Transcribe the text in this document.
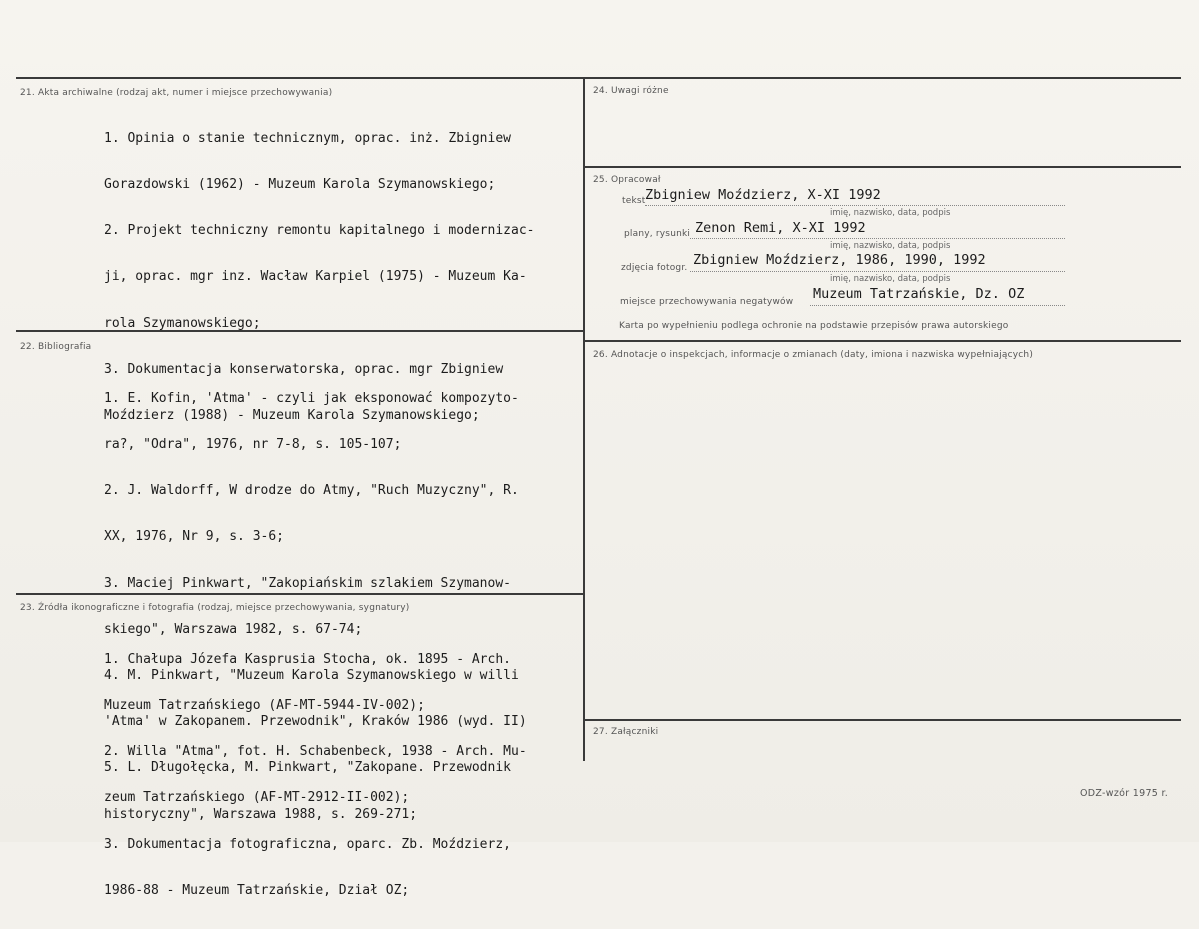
21. Akta archiwalne (rodzaj akt, numer i miejsce przechowywania)

1. Opinia o stanie technicznym, oprac. inż. Zbigniew

Gorazdowski (1962) - Muzeum Karola Szymanowskiego;

2. Projekt techniczny remontu kapitalnego i modernizac-

ji, oprac. mgr inz. Wacław Karpiel (1975) - Muzeum Ka-

rola Szymanowskiego;

3. Dokumentacja konserwatorska, oprac. mgr Zbigniew

Moździerz (1988) - Muzeum Karola Szymanowskiego;

22. Bibliografia

1. E. Kofin, 'Atma' - czyli jak eksponować kompozyto-

ra?, "Odra", 1976, nr 7-8, s. 105-107;

2. J. Waldorff, W drodze do Atmy, "Ruch Muzyczny", R.

XX, 1976, Nr 9, s. 3-6;

3. Maciej Pinkwart, "Zakopiańskim szlakiem Szymanow-

skiego", Warszawa 1982, s. 67-74;

4. M. Pinkwart, "Muzeum Karola Szymanowskiego w willi

'Atma' w Zakopanem. Przewodnik", Kraków 1986 (wyd. II)

5. L. Długołęcka, M. Pinkwart, "Zakopane. Przewodnik

historyczny", Warszawa 1988, s. 269-271;

23. Źródła ikonograficzne i fotografia (rodzaj, miejsce przechowywania, sygnatury)

1. Chałupa Józefa Kasprusia Stocha, ok. 1895 - Arch.

Muzeum Tatrzańskiego (AF-MT-5944-IV-002);

2. Willa "Atma", fot. H. Schabenbeck, 1938 - Arch. Mu-

zeum Tatrzańskiego (AF-MT-2912-II-002);

3. Dokumentacja fotograficzna, oparc. Zb. Moździerz,

1986-88 - Muzeum Tatrzańskie, Dział OZ;

24. Uwagi różne
25. Opracował
tekst Zbigniew Moździerz, X-XI 1992
imię, nazwisko, data, podpis
plany, rysunki Zenon Remi, X-XI 1992
imię, nazwisko, data, podpis
zdjęcia fotogr. Zbigniew Moździerz, 1986, 1990, 1992
imię, nazwisko, data, podpis
miejsce przechowywania negatywów Muzeum Tatrzańskie, Dz. OZ
Karta po wypełnieniu podlega ochronie na podstawie przepisów prawa autorskiego
26. Adnotacje o inspekcjach, informacje o zmianach (daty, imiona i nazwiska wypełniających)
27. Załączniki
ODZ-wzór 1975 r.
